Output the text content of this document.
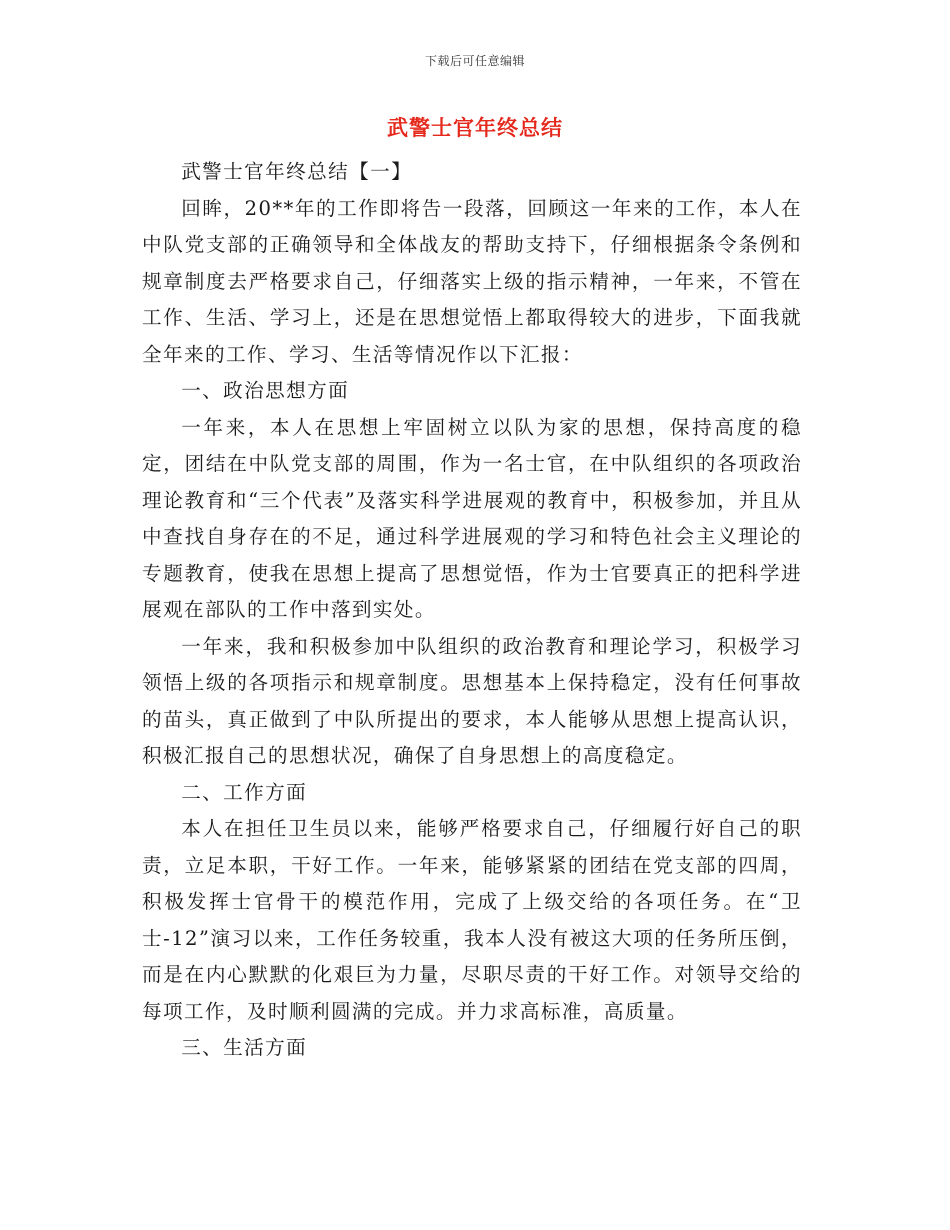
下载后可任意编辑
武警士官年终总结

武警士官年终总结【一】

回眸，20**年的工作即将告一段落，回顾这一年来的工作，本人在中队党支部的正确领导和全体战友的帮助支持下，仔细根据条令条例和规章制度去严格要求自己，仔细落实上级的指示精神，一年来，不管在工作、生活、学习上，还是在思想觉悟上都取得较大的进步，下面我就全年来的工作、学习、生活等情况作以下汇报：

一、政治思想方面

一年来，本人在思想上牢固树立以队为家的思想，保持高度的稳定，团结在中队党支部的周围，作为一名士官，在中队组织的各项政治理论教育和“三个代表”及落实科学进展观的教育中，积极参加，并且从中查找自身存在的不足，通过科学进展观的学习和特色社会主义理论的专题教育，使我在思想上提高了思想觉悟，作为士官要真正的把科学进展观在部队的工作中落到实处。

一年来，我和积极参加中队组织的政治教育和理论学习，积极学习领悟上级的各项指示和规章制度。思想基本上保持稳定，没有任何事故的苗头，真正做到了中队所提出的要求，本人能够从思想上提高认识，积极汇报自己的思想状况，确保了自身思想上的高度稳定。

二、工作方面

本人在担任卫生员以来，能够严格要求自己，仔细履行好自己的职责，立足本职，干好工作。一年来，能够紧紧的团结在党支部的四周，积极发挥士官骨干的模范作用，完成了上级交给的各项任务。在“卫士-12”演习以来，工作任务较重，我本人没有被这大项的任务所压倒，而是在内心默默的化艰巨为力量，尽职尽责的干好工作。对领导交给的每项工作，及时顺利圆满的完成。并力求高标准，高质量。

三、生活方面
